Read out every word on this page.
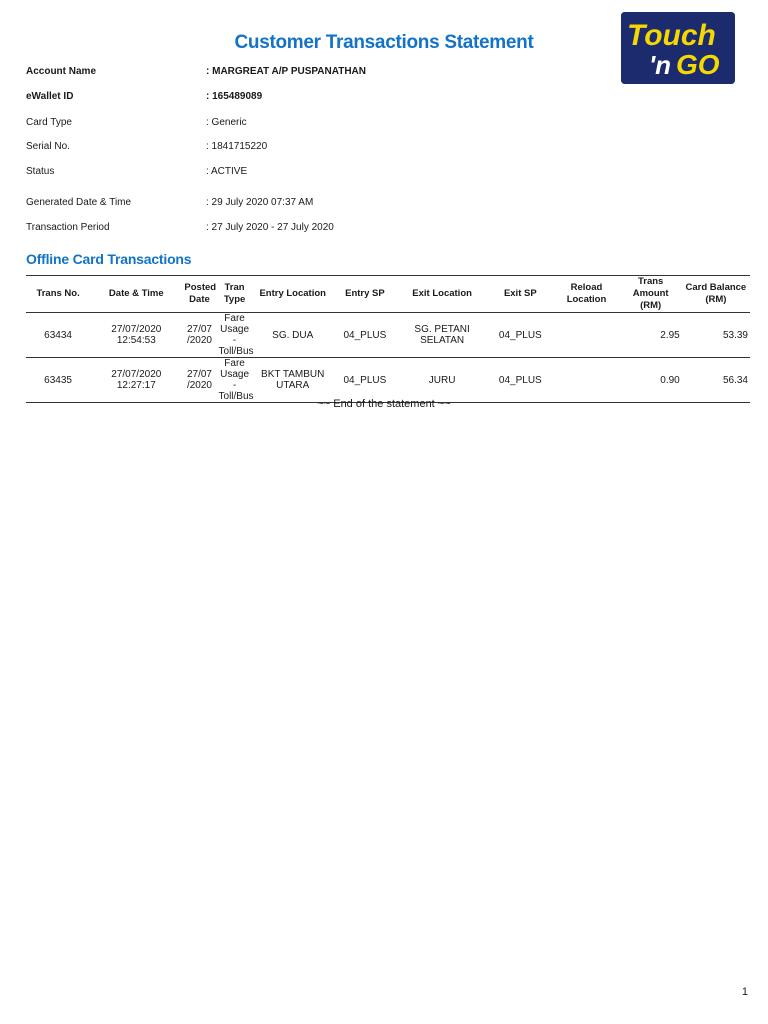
Customer Transactions Statement	Touch
'n GO
Account Name	: MARGREAT A/P PUSPANATHAN
eWallet ID	: 165489089
Card Type	: Generic
Serial No.	: 1841715220
Status	: ACTIVE
Generated Date & Time	: 29 July 2020 07:37 AM
Transaction Period	: 27 July 2020 - 27 July 2020
Offline Card Transactions
Trans No.	Date & Time	Posted Date	Tran Type	Entry Location	Entry SP	Exit Location	Exit SP	Reload Location	Trans Amount (RM)	Card Balance (RM)
63434	27/07/2020 12:54:53	27/07 /2020	Fare Usage - Toll/Bus	SG. DUA	04_PLUS	SG. PETANI SELATAN	04_PLUS		2.95	53.39
63435	27/07/2020 12:27:17	27/07 /2020	Fare Usage - Toll/Bus	BKT TAMBUN UTARA	04_PLUS	JURU	04_PLUS		0.90	56.34
~~ End of the statement ~~
1
